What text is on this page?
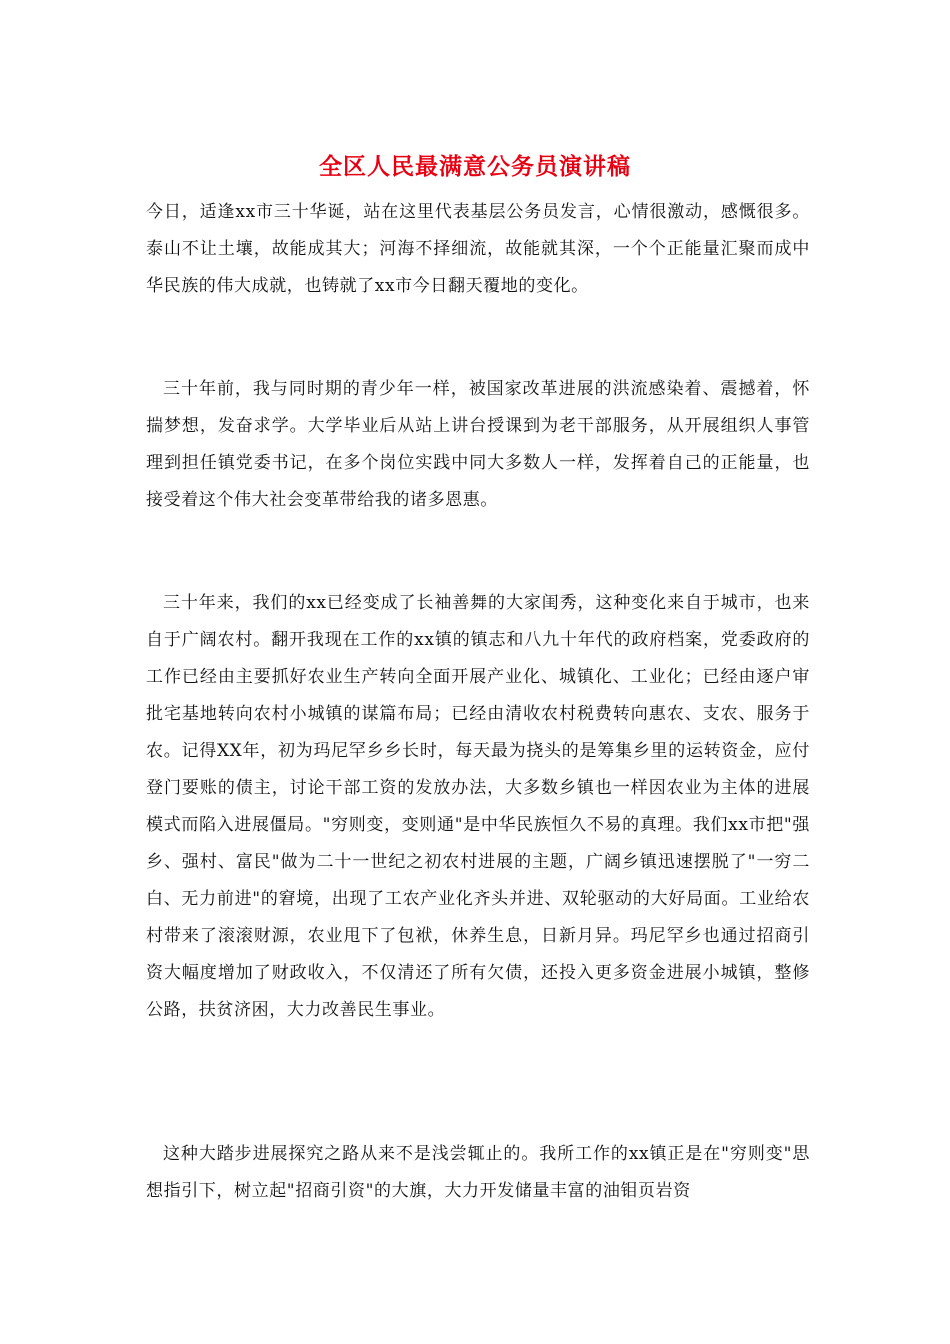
全区人民最满意公务员演讲稿

今日，适逢xx市三十华诞，站在这里代表基层公务员发言，心情很激动，感慨很多。泰山不让土壤，故能成其大；河海不择细流，故能就其深，一个个正能量汇聚而成中华民族的伟大成就，也铸就了xx市今日翻天覆地的变化。

三十年前，我与同时期的青少年一样，被国家改革进展的洪流感染着、震撼着，怀揣梦想，发奋求学。大学毕业后从站上讲台授课到为老干部服务，从开展组织人事管理到担任镇党委书记，在多个岗位实践中同大多数人一样，发挥着自己的正能量，也接受着这个伟大社会变革带给我的诸多恩惠。

三十年来，我们的xx已经变成了长袖善舞的大家闺秀，这种变化来自于城市，也来自于广阔农村。翻开我现在工作的xx镇的镇志和八九十年代的政府档案，党委政府的工作已经由主要抓好农业生产转向全面开展产业化、城镇化、工业化；已经由逐户审批宅基地转向农村小城镇的谋篇布局；已经由清收农村税费转向惠农、支农、服务于农。记得XX年，初为玛尼罕乡乡长时，每天最为挠头的是筹集乡里的运转资金，应付登门要账的债主，讨论干部工资的发放办法，大多数乡镇也一样因农业为主体的进展模式而陷入进展僵局。"穷则变，变则通"是中华民族恒久不易的真理。我们xx市把"强乡、强村、富民"做为二十一世纪之初农村进展的主题，广阔乡镇迅速摆脱了"一穷二白、无力前进"的窘境，出现了工农产业化齐头并进、双轮驱动的大好局面。工业给农村带来了滚滚财源，农业甩下了包袱，休养生息，日新月异。玛尼罕乡也通过招商引资大幅度增加了财政收入，不仅清还了所有欠债，还投入更多资金进展小城镇，整修公路，扶贫济困，大力改善民生事业。

这种大踏步进展探究之路从来不是浅尝辄止的。我所工作的xx镇正是在"穷则变"思想指引下，树立起"招商引资"的大旗，大力开发储量丰富的油钼页岩资
